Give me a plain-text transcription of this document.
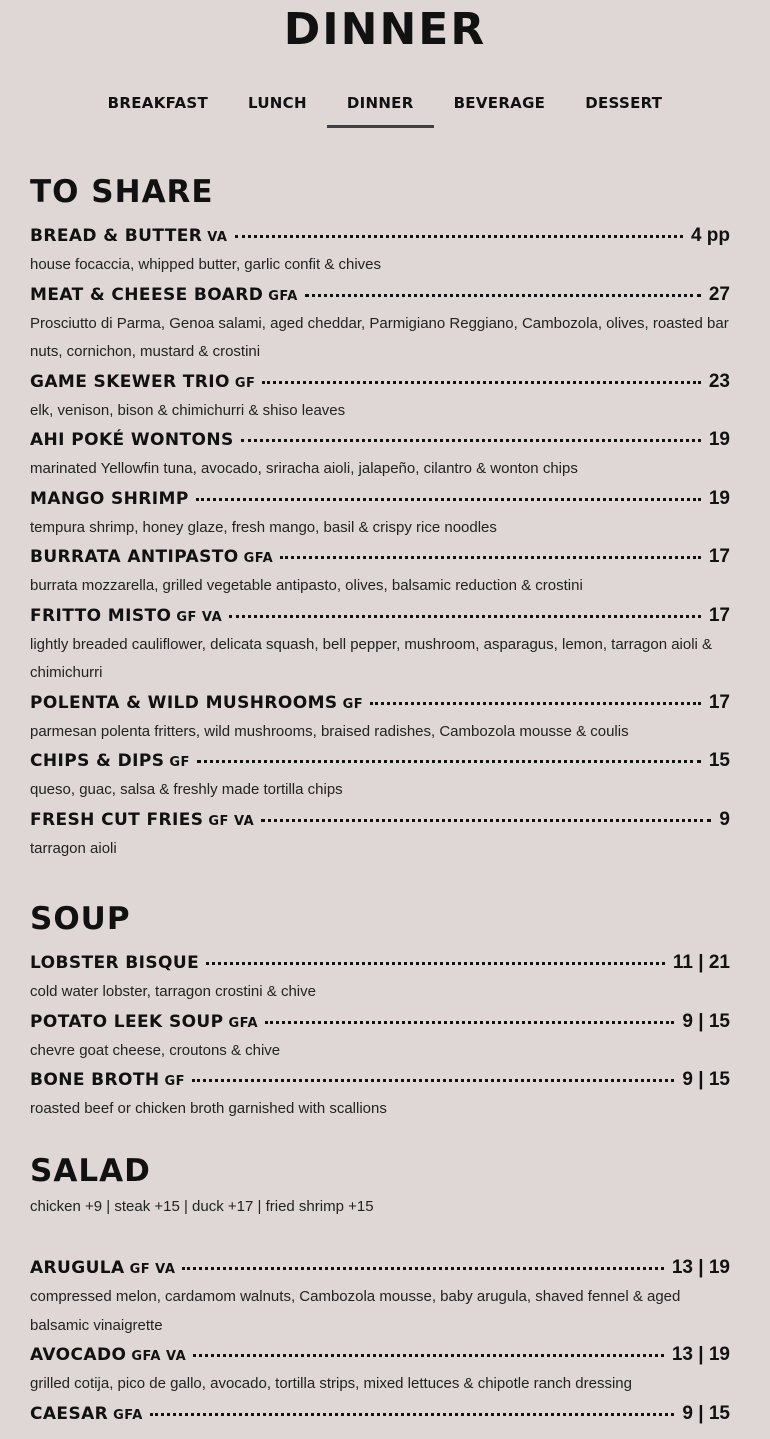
DINNER
BREAKFAST	LUNCH	DINNER	BEVERAGE	DESSERT
TO SHARE
BREAD & BUTTER VA	4 pp
house focaccia, whipped butter, garlic confit & chives
MEAT & CHEESE BOARD GFA	27
Prosciutto di Parma, Genoa salami, aged cheddar, Parmigiano Reggiano, Cambozola, olives, roasted bar nuts, cornichon, mustard & crostini
GAME SKEWER TRIO GF	23
elk, venison, bison & chimichurri & shiso leaves
AHI POKÉ WONTONS	19
marinated Yellowfin tuna, avocado, sriracha aioli, jalapeño, cilantro & wonton chips
MANGO SHRIMP	19
tempura shrimp, honey glaze, fresh mango, basil & crispy rice noodles
BURRATA ANTIPASTO GFA	17
burrata mozzarella, grilled vegetable antipasto, olives, balsamic reduction & crostini
FRITTO MISTO GF VA	17
lightly breaded cauliflower, delicata squash, bell pepper, mushroom, asparagus, lemon, tarragon aioli & chimichurri
POLENTA & WILD MUSHROOMS GF	17
parmesan polenta fritters, wild mushrooms, braised radishes, Cambozola mousse & coulis
CHIPS & DIPS GF	15
queso, guac, salsa & freshly made tortilla chips
FRESH CUT FRIES GF VA	9
tarragon aioli
SOUP
LOBSTER BISQUE	11 | 21
cold water lobster, tarragon crostini & chive
POTATO LEEK SOUP GFA	9 | 15
chevre goat cheese, croutons & chive
BONE BROTH GF	9 | 15
roasted beef or chicken broth garnished with scallions
SALAD
chicken +9 | steak +15 | duck +17 | fried shrimp +15
ARUGULA GF VA	13 | 19
compressed melon, cardamom walnuts, Cambozola mousse, baby arugula, shaved fennel & aged balsamic vinaigrette
AVOCADO GFA VA	13 | 19
grilled cotija, pico de gallo, avocado, tortilla strips, mixed lettuces & chipotle ranch dressing
CAESAR GFA	9 | 15
